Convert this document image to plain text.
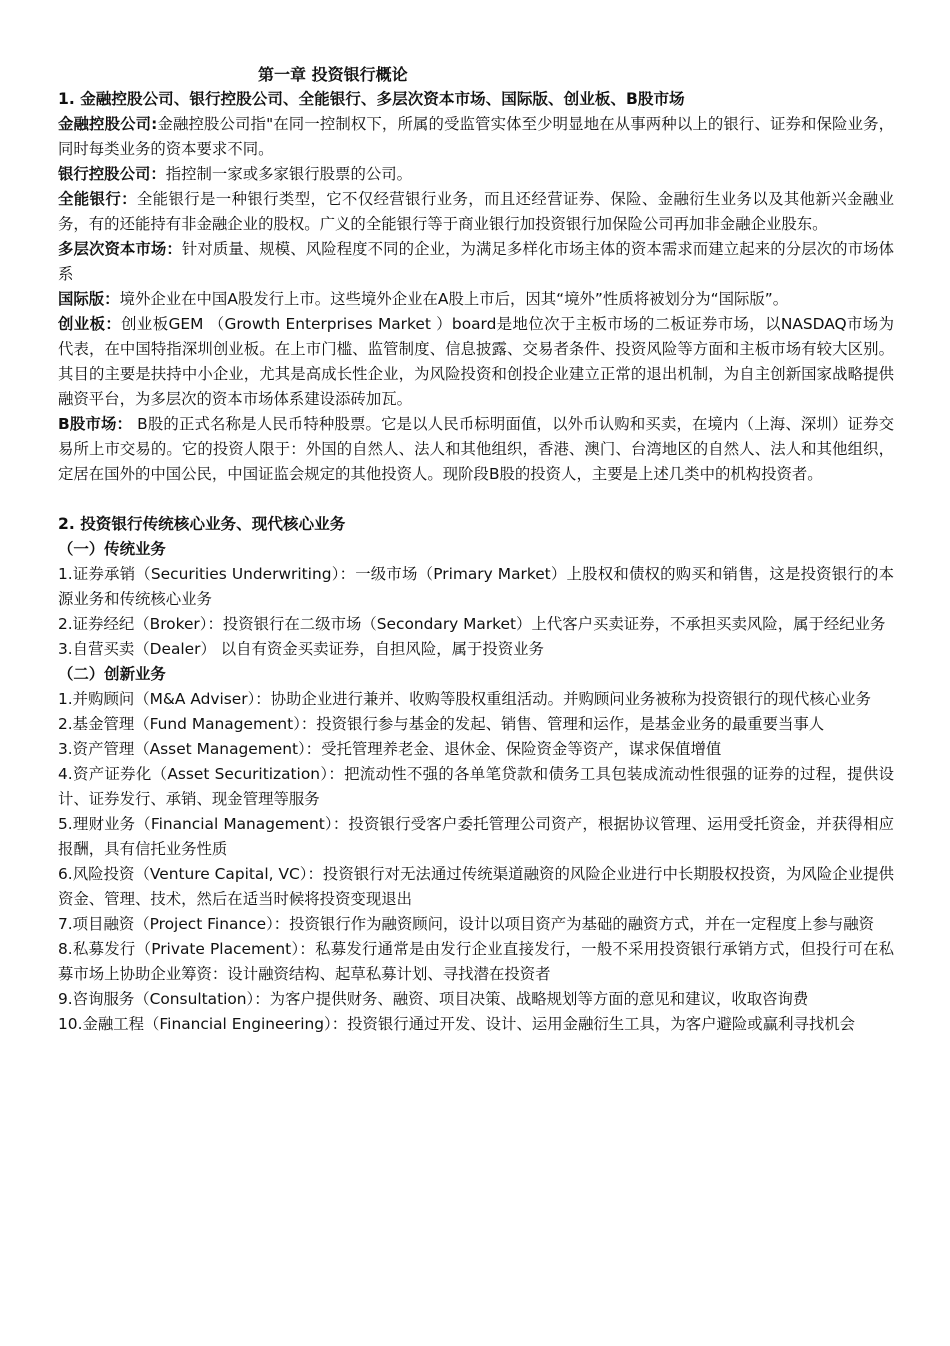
第一章 投资银行概论
1. 金融控股公司、银行控股公司、全能银行、多层次资本市场、国际版、创业板、B股市场
金融控股公司:金融控股公司指"在同一控制权下，所属的受监管实体至少明显地在从事两种以上的银行、证券和保险业务，同时每类业务的资本要求不同。
银行控股公司：指控制一家或多家银行股票的公司。
全能银行：全能银行是一种银行类型，它不仅经营银行业务，而且还经营证券、保险、金融衍生业务以及其他新兴金融业务，有的还能持有非金融企业的股权。广义的全能银行等于商业银行加投资银行加保险公司再加非金融企业股东。
多层次资本市场：针对质量、规模、风险程度不同的企业，为满足多样化市场主体的资本需求而建立起来的分层次的市场体系
国际版：境外企业在中国A股发行上市。这些境外企业在A股上市后，因其“境外”性质将被划分为“国际版”。
创业板：创业板GEM （Growth Enterprises Market ）board是地位次于主板市场的二板证券市场，以NASDAQ市场为代表，在中国特指深圳创业板。在上市门槛、监管制度、信息披露、交易者条件、投资风险等方面和主板市场有较大区别。其目的主要是扶持中小企业，尤其是高成长性企业，为风险投资和创投企业建立正常的退出机制，为自主创新国家战略提供融资平台，为多层次的资本市场体系建设添砖加瓦。
B股市场： B股的正式名称是人民币特种股票。它是以人民币标明面值，以外币认购和买卖，在境内（上海、深圳）证券交易所上市交易的。它的投资人限于：外国的自然人、法人和其他组织，香港、澳门、台湾地区的自然人、法人和其他组织，定居在国外的中国公民，中国证监会规定的其他投资人。现阶段B股的投资人，主要是上述几类中的机构投资者。
2. 投资银行传统核心业务、现代核心业务
（一）传统业务
1.证券承销（Securities Underwriting）：一级市场（Primary Market）上股权和债权的购买和销售，这是投资银行的本源业务和传统核心业务
2.证券经纪（Broker）：投资银行在二级市场（Secondary Market）上代客户买卖证券，不承担买卖风险，属于经纪业务
3.自营买卖（Dealer） 以自有资金买卖证券，自担风险，属于投资业务
（二）创新业务
1.并购顾问（M&A Adviser）：协助企业进行兼并、收购等股权重组活动。并购顾问业务被称为投资银行的现代核心业务
2.基金管理（Fund Management）：投资银行参与基金的发起、销售、管理和运作，是基金业务的最重要当事人
3.资产管理（Asset Management）：受托管理养老金、退休金、保险资金等资产，谋求保值增值
4.资产证券化（Asset Securitization）：把流动性不强的各单笔贷款和债务工具包装成流动性很强的证券的过程，提供设计、证券发行、承销、现金管理等服务
5.理财业务（Financial Management）：投资银行受客户委托管理公司资产，根据协议管理、运用受托资金，并获得相应报酬，具有信托业务性质
6.风险投资（Venture Capital, VC）：投资银行对无法通过传统渠道融资的风险企业进行中长期股权投资，为风险企业提供资金、管理、技术，然后在适当时候将投资变现退出
7.项目融资（Project Finance）：投资银行作为融资顾问，设计以项目资产为基础的融资方式，并在一定程度上参与融资
8.私募发行（Private Placement）：私募发行通常是由发行企业直接发行，一般不采用投资银行承销方式，但投行可在私募市场上协助企业筹资：设计融资结构、起草私募计划、寻找潜在投资者
9.咨询服务（Consultation）：为客户提供财务、融资、项目决策、战略规划等方面的意见和建议，收取咨询费
10.金融工程（Financial Engineering）：投资银行通过开发、设计、运用金融衍生工具，为客户避险或赢利寻找机会
